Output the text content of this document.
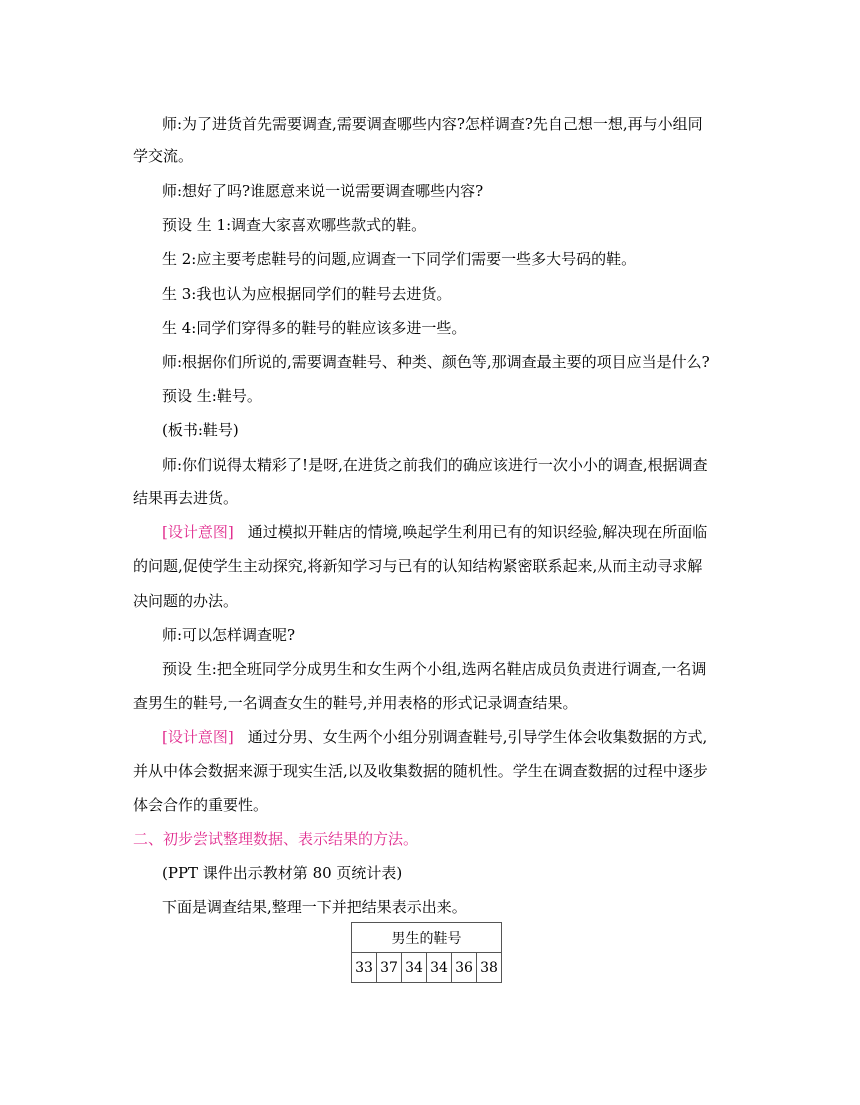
师:为了进货首先需要调查,需要调查哪些内容?怎样调查?先自己想一想,再与小组同
学交流。
师:想好了吗?谁愿意来说一说需要调查哪些内容?
预设 生 1:调查大家喜欢哪些款式的鞋。
生 2:应主要考虑鞋号的问题,应调查一下同学们需要一些多大号码的鞋。
生 3:我也认为应根据同学们的鞋号去进货。
生 4:同学们穿得多的鞋号的鞋应该多进一些。
师:根据你们所说的,需要调查鞋号、种类、颜色等,那调查最主要的项目应当是什么?
预设 生:鞋号。
(板书:鞋号)
师:你们说得太精彩了!是呀,在进货之前我们的确应该进行一次小小的调查,根据调查
结果再去进货。
[设计意图] 通过模拟开鞋店的情境,唤起学生利用已有的知识经验,解决现在所面临
的问题,促使学生主动探究,将新知学习与已有的认知结构紧密联系起来,从而主动寻求解
决问题的办法。
师:可以怎样调查呢?
预设 生:把全班同学分成男生和女生两个小组,选两名鞋店成员负责进行调查,一名调
查男生的鞋号,一名调查女生的鞋号,并用表格的形式记录调查结果。
[设计意图] 通过分男、女生两个小组分别调查鞋号,引导学生体会收集数据的方式,
并从中体会数据来源于现实生活,以及收集数据的随机性。学生在调查数据的过程中逐步
体会合作的重要性。
二、初步尝试整理数据、表示结果的方法。
(PPT 课件出示教材第 80 页统计表)
下面是调查结果,整理一下并把结果表示出来。
男生的鞋号
33	37	34	34	36	38
